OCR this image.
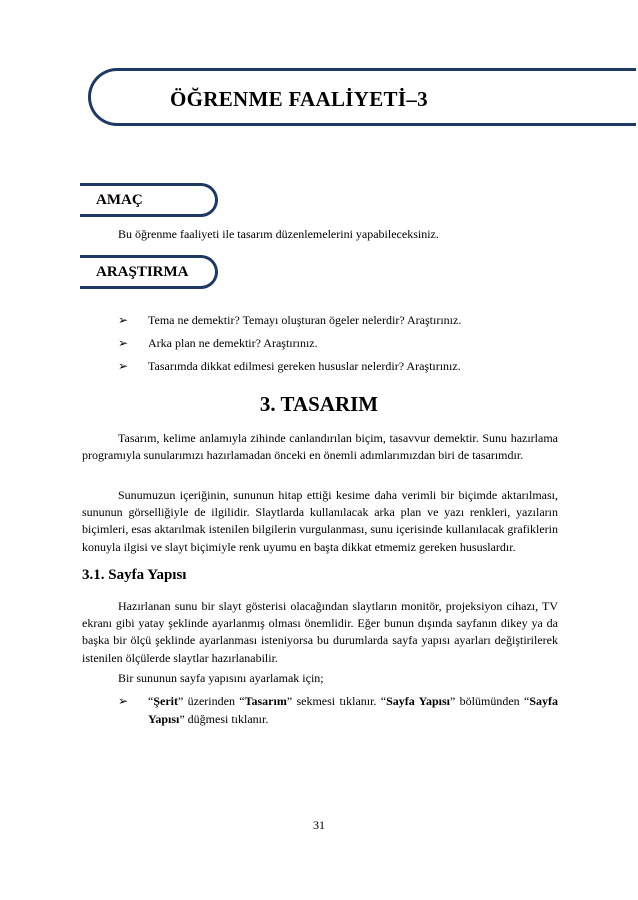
ÖĞRENME FAALİYETİ–3
AMAÇ
Bu öğrenme faaliyeti ile tasarım düzenlemelerini yapabileceksiniz.
ARAŞTIRMA
➢ Tema ne demektir? Temayı oluşturan ögeler nelerdir? Araştırınız.
➢ Arka plan ne demektir? Araştırınız.
➢ Tasarımda dikkat edilmesi gereken hususlar nelerdir? Araştırınız.
3. TASARIM
Tasarım, kelime anlamıyla zihinde canlandırılan biçim, tasavvur demektir. Sunu hazırlama programıyla sunularımızı hazırlamadan önceki en önemli adımlarımızdan biri de tasarımdır.
Sunumuzun içeriğinin, sununun hitap ettiği kesime daha verimli bir biçimde aktarılması, sununun görselliğiyle de ilgilidir. Slaytlarda kullanılacak arka plan ve yazı renkleri, yazıların biçimleri, esas aktarılmak istenilen bilgilerin vurgulanması, sunu içerisinde kullanılacak grafiklerin konuyla ilgisi ve slayt biçimiyle renk uyumu en başta dikkat etmemiz gereken hususlardır.
3.1. Sayfa Yapısı
Hazırlanan sunu bir slayt gösterisi olacağından slaytların monitör, projeksiyon cihazı, TV ekranı gibi yatay şeklinde ayarlanmış olması önemlidir. Eğer bunun dışında sayfanın dikey ya da başka bir ölçü şeklinde ayarlanması isteniyorsa bu durumlarda sayfa yapısı ayarları değiştirilerek istenilen ölçülerde slaytlar hazırlanabilir.
Bir sununun sayfa yapısını ayarlamak için;
➢ “Şerit” üzerinden “Tasarım” sekmesi tıklanır. “Sayfa Yapısı” bölümünden “Sayfa Yapısı” düğmesi tıklanır.
31
